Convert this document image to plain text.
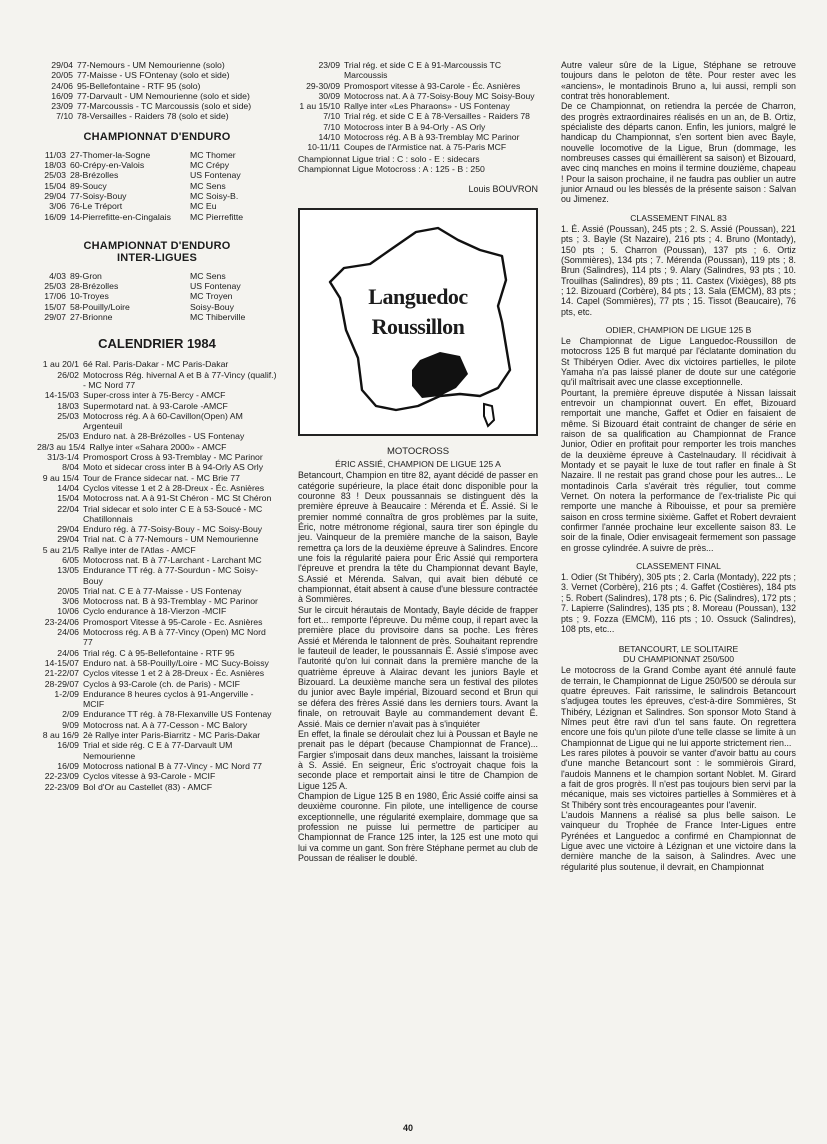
29/04 77-Nemours - UM Nemourienne (solo)
20/05 77-Maisse - US FOntenay (solo et side)
24/06 95-Bellefontaine - RTF 95 (solo)
16/09 77-Darvault - UM Nemourienne (solo et side)
23/09 77-Marcoussis - TC Marcoussis (solo et side)
7/10 78-Versailles - Raiders 78 (solo et side)
CHAMPIONNAT D'ENDURO
11/03 27-Thomer-la-Sogne	MC Thomer
18/03 60-Crépy-en-Valois	MC Crépy
25/03 28-Brézolles	US Fontenay
15/04 89-Soucy	MC Sens
29/04 77-Soisy-Bouy	MC Soisy-B.
3/06 76-Le Tréport	MC Eu
16/09 14-Pierrefitte-en-Cingalais	MC Pierrefitte
CHAMPIONNAT D'ENDURO
INTER-LIGUES
4/03 89-Gron	MC Sens
25/03 28-Brézolles	US Fontenay
17/06 10-Troyes	MC Troyen
15/07 58-Pouilly/Loire	Soisy-Bouy
29/07 27-Brionne	MC Thiberville
CALENDRIER 1984
1 au 20/1 6é Ral. Paris-Dakar - MC Paris-Dakar
26/02 Motocross Rég. hivernal A et B à 77-Vincy (qualif.) - MC Nord 77
14-15/03 Super-cross inter à 75-Bercy - AMCF
18/03 Supermotard nat. à 93-Carole -AMCF
25/03 Motocross rég. A à 60-Cavillon(Open) AM Argenteuil
25/03 Enduro nat. à 28-Brézolles - US Fontenay
28/3 au 15/4 Rallye inter «Sahara 2000» - AMCF
31/3-1/4 Promosport Cross à 93-Tremblay - MC Parinor
8/04 Moto et sidecar cross inter B à 94-Orly AS Orly
9 au 15/4 Tour de France sidecar nat. - MC Brie 77
14/04 Cyclos vitesse 1 et 2 à 28-Dreux - Éc. Asnières
15/04 Motocross nat. A à 91-St Chéron - MC St Chéron
22/04 Trial sidecar et solo inter C E à 53-Soucé - MC Chatillonnais
29/04 Enduro rég. à 77-Soisy-Bouy - MC Soisy-Bouy
29/04 Trial nat. C à 77-Nemours - UM Nemourienne
5 au 21/5 Rallye inter de l'Atlas - AMCF
6/05 Motocross nat. B à 77-Larchant - Larchant MC
13/05 Endurance TT rég. à 77-Sourdun - MC Soisy-Bouy
20/05 Trial nat. C E à 77-Maisse - US Fontenay
3/06 Motocross nat. B à 93-Tremblay - MC Parinor
10/06 Cyclo endurance à 18-Vierzon -MCIF
23-24/06 Promosport Vitesse à 95-Carole - Ec. Asnières
24/06 Motocross rég. A B à 77-Vincy (Open) MC Nord 77
24/06 Trial rég. C à 95-Bellefontaine - RTF 95
14-15/07 Enduro nat. à 58-Pouilly/Loire - MC Sucy-Boissy
21-22/07 Cyclos vitesse 1 et 2 à 28-Dreux - Éc. Asnières
28-29/07 Cyclos à 93-Carole (ch. de Paris) - MCIF
1-2/09 Endurance 8 heures cyclos à 91-Angerville - MCIF
2/09 Endurance TT rég. à 78-Flexanville US Fontenay
9/09 Motocross nat. A à 77-Cesson - MC Balory
8 au 16/9 2è Rallye inter Paris-Biarritz - MC Paris-Dakar
16/09 Trial et side rég. C E à 77-Darvault UM Nemourienne
16/09 Motocross national B à 77-Vincy - MC Nord 77
22-23/09 Cyclos vitesse à 93-Carole - MCIF
22-23/09 Bol d'Or au Castellet (83) - AMCF
23/09 Trial rég. et side C E à 91-Marcoussis TC Marcoussis
29-30/09 Promosport vitesse à 93-Carole - Éc. Asnières
30/09 Motocross nat. A à 77-Soisy-Bouy MC Soisy-Bouy
1 au 15/10 Rallye inter «Les Pharaons» - US Fontenay
7/10 Trial rég. et side C E à 78-Versailles - Raiders 78
7/10 Motocross inter B à 94-Orly - AS Orly
14/10 Motocross rég. A B à 93-Tremblay MC Parinor
10-11/11 Coupes de l'Armistice nat. à 75-Paris MCF
Championnat Ligue trial : C : solo - E : sidecars
Championnat Ligue Motocross : A : 125 - B : 250
Louis BOUVRON
Languedoc
Roussillon
MOTOCROSS
ÉRIC ASSIÉ, CHAMPION DE LIGUE 125 A

Betancourt, Champion en titre 82, ayant décidé de passer en catégorie supérieure, la place était donc disponible pour la couronne 83 ! Deux poussannais se distinguent dès la première épreuve à Beaucaire : Mérenda et É. Assié. Si le premier nommé connaîtra de gros problèmes par la suite, Éric, notre métronome régional, saura tirer son épingle du jeu. Vainqueur de la première manche de la saison, Bayle remettra ça lors de la deuxième épreuve à Salindres. Encore une fois la régularité paiera pour Éric Assié qui remportera l'épreuve et prendra la tête du Championnat devant Bayle, S.Assié et Mérenda. Salvan, qui avait bien débuté ce championnat, était absent à cause d'une blessure contractée à Sommières.

Sur le circuit hérautais de Montady, Bayle décide de frapper fort et... remporte l'épreuve. Du même coup, il repart avec la première place du provisoire dans sa poche. Les frères Assié et Mérenda le talonnent de près. Souhaitant reprendre le fauteuil de leader, le poussannais É. Assié s'impose avec l'autorité qu'on lui connait dans la première manche de la quatrième épreuve à Alairac devant les juniors Bayle et Bizouard. La deuxième manche sera un festival des pilotes du junior avec Bayle impérial, Bizouard second et Brun qui se défera des frères Assié dans les derniers tours. Avant la finale, on retrouvait Bayle au commandement devant É. Assié. Mais ce dernier n'avait pas à s'inquiéter

En effet, la finale se déroulait chez lui à Poussan et Bayle ne prenait pas le départ (because Championnat de France)... Fargier s'imposait dans deux manches, laissant la troisième à S. Assié. En seigneur, Éric s'octroyait chaque fois la seconde place et remportait ainsi le titre de Champion de Ligue 125 A.

Champion de Ligue 125 B en 1980, Éric Assié coiffe ainsi sa deuxième couronne. Fin pilote, une intelligence de course exceptionnelle, une régularité exemplaire, dommage que sa profession ne puisse lui permettre de participer au Championnat de France 125 inter, la 125 est une moto qui lui va comme un gant. Son frère Stéphane permet au club de Poussan de réaliser le doublé.

Autre valeur sûre de la Ligue, Stéphane se retrouve toujours dans le peloton de tête. Pour rester avec les «anciens», le montadinois Bruno a, lui aussi, rempli son contrat très honorablement.

De ce Championnat, on retiendra la percée de Charron, des progrès extraordinaires réalisés en un an, de B. Ortiz, spécialiste des départs canon. Enfin, les juniors, malgré le handicap du Championnat, s'en sortent bien avec Bayle, nouvelle locomotive de la Ligue, Brun (dommage, les nombreuses casses qui émaillèrent sa saison) et Bizouard, avec cinq manches en moins il termine douzième, chapeau ! Pour la saison prochaine, il ne faudra pas oublier un autre junior Arnaud ou les blessés de la présente saison : Salvan ou Jimenez.

CLASSEMENT FINAL 83
1. É. Assié (Poussan), 245 pts ; 2. S. Assié (Poussan), 221 pts ; 3. Bayle (St Nazaire), 216 pts ; 4. Bruno (Montady), 150 pts ; 5. Charron (Poussan), 137 pts ; 6. Ortiz (Sommières), 134 pts ; 7. Mérenda (Poussan), 119 pts ; 8. Brun (Salindres), 114 pts ; 9. Alary (Salindres, 93 pts ; 10. Trouilhas (Salindres), 89 pts ; 11. Castex (Vixièges), 88 pts ; 12. Bizouard (Corbère), 84 pts ; 13. Sala (EMCM), 83 pts ; 14. Capel (Sommières), 77 pts ; 15. Tissot (Beaucaire), 76 pts, etc.
ODIER, CHAMPION DE LIGUE 125 B

Le Championnat de Ligue Languedoc-Roussillon de motocross 125 B fut marqué par l'éclatante domination du St Thibéryen Odier. Avec dix victoires partielles, le pilote Yamaha n'a pas laissé planer de doute sur une catégorie qu'il maîtrisait avec une classe exceptionnelle.

Pourtant, la première épreuve disputée à Nissan laissait entrevoir un championnat ouvert. En effet, Bizouard remportait une manche, Gaffet et Odier en faisaient de même. Si Bizouard était contraint de changer de série en raison de sa qualification au Championnat de France Junior, Odier en profitait pour remporter les trois manches de la deuxième épreuve à Castelnaudary. Il récidivait à Montady et se payait le luxe de tout rafler en finale à St Nazaire. Il ne restait pas grand chose pour les autres... Le montadinois Carla s'avérait très régulier, tout comme Vernet. On notera la performance de l'ex-trialiste Pic qui remporte une manche à Ribouisse, et pour sa première saison en cross termine sixième. Gaffet et Robert devraient confirmer l'année prochaine leur excellente saison 83. Le soir de la finale, Odier envisageait fermement son passage en grosse cylindrée. A suivre de près...

CLASSEMENT FINAL
1. Odier (St Thibéry), 305 pts ; 2. Carla (Montady), 222 pts ; 3. Vernet (Corbère), 216 pts ; 4. Gaffet (Costières), 184 pts ; 5. Robert (Salindres), 178 pts ; 6. Pic (Salindres), 172 pts ; 7. Lapierre (Salindres), 135 pts ; 8. Moreau (Poussan), 132 pts ; 9. Fozza (EMCM), 116 pts ; 10. Ossuck (Salindres), 108 pts, etc...
BETANCOURT, LE SOLITAIRE
DU CHAMPIONNAT 250/500

Le motocross de la Grand Combe ayant été annulé faute de terrain, le Championnat de Ligue 250/500 se déroula sur quatre épreuves. Fait rarissime, le salindrois Betancourt s'adjugea toutes les épreuves, c'est-à-dire Sommières, St Thibéry, Lézignan et Salindres. Son sponsor Moto Stand à Nîmes peut être ravi d'un tel sans faute. On regrettera encore une fois qu'un pilote d'une telle classe se limite à un Championnat de Ligue qui ne lui apporte strictement rien...

Les rares pilotes à pouvoir se vanter d'avoir battu au cours d'une manche Betancourt sont : le sommièrois Girard, l'audois Mannens et le champion sortant Noblet. M. Girard a fait de gros progrès. Il n'est pas toujours bien servi par la mécanique, mais ses victoires partielles à Sommières et à St Thibéry sont très encourageantes pour l'avenir.

L'audois Mannens a réalisé sa plus belle saison. Le vainqueur du Trophée de France Inter-Ligues entre Pyrénées et Languedoc a confirmé en Championnat de Ligue avec une victoire à Lézignan et une victoire dans la dernière manche de la saison, à Salindres. Avec une régularité plus soutenue, il devrait, en Championnat

40
